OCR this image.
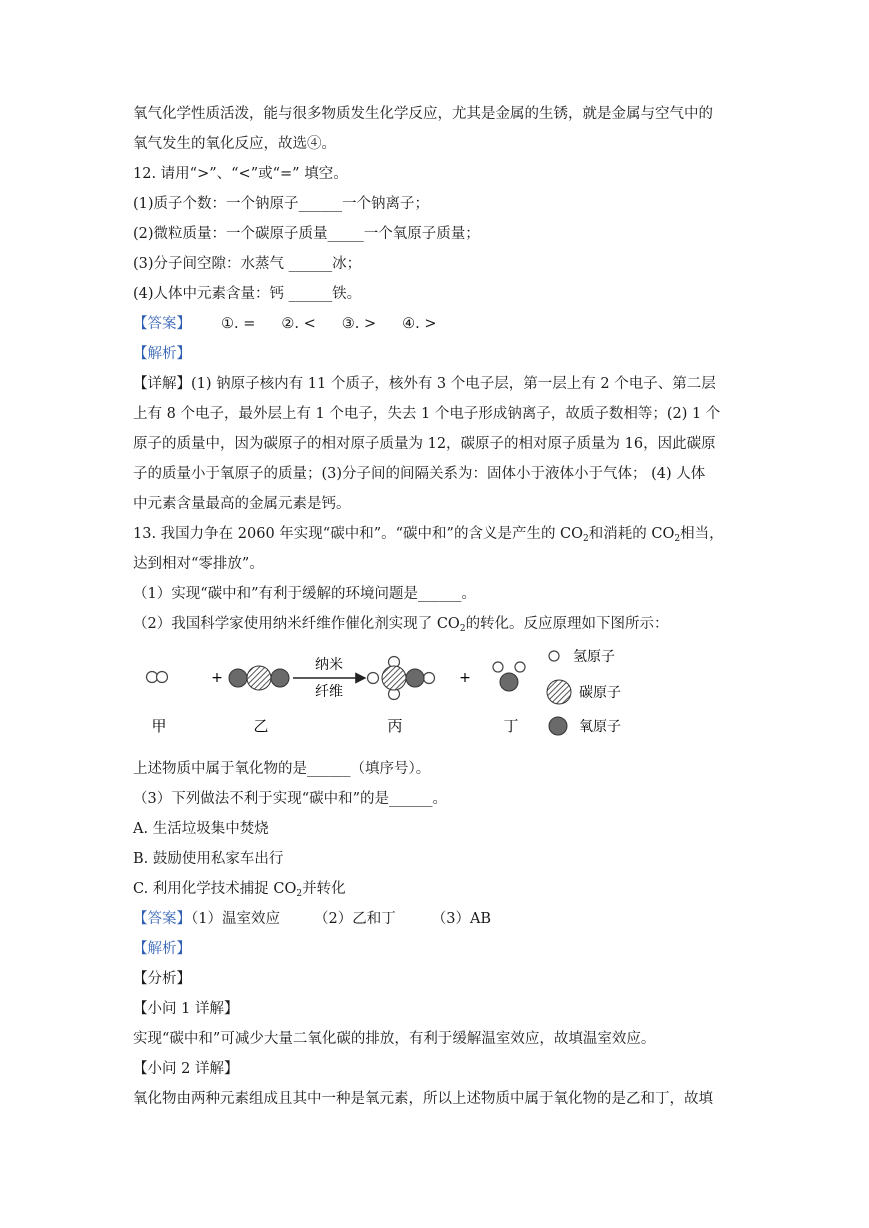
氧气化学性质活泼，能与很多物质发生化学反应，尤其是金属的生锈，就是金属与空气中的
氧气发生的氧化反应，故选④。
12. 请用“>”、“<”或“=” 填空。
(1)质子个数：一个钠原子______一个钠离子；
(2)微粒质量：一个碳原子质量_____一个氧原子质量；
(3)分子间空隙：水蒸气 ______冰；
(4)人体中元素含量：钙 ______铁。
【答案】 ①. = ②. < ③. > ④. >
【解析】
【详解】(1) 钠原子核内有 11 个质子，核外有 3 个电子层，第一层上有 2 个电子、第二层
上有 8 个电子，最外层上有 1 个电子，失去 1 个电子形成钠离子，故质子数相等；(2) 1 个
原子的质量中，因为碳原子的相对原子质量为 12，碳原子的相对原子质量为 16，因此碳原
子的质量小于氧原子的质量；(3)分子间的间隔关系为：固体小于液体小于气体； (4) 人体
中元素含量最高的金属元素是钙。
13. 我国力争在 2060 年实现“碳中和”。“碳中和”的含义是产生的 $CO_2$和消耗的 $CO_2$相当，
达到相对“零排放”。
（1）实现“碳中和”有利于缓解的环境问题是______。
（2）我国科学家使用纳米纤维作催化剂实现了 $CO_2$的转化。反应原理如下图所示：
+
纳米
纤维
+
氢原子
碳原子
氧原子
甲	乙	丙	丁
上述物质中属于氧化物的是______（填序号）。
（3）下列做法不利于实现“碳中和”的是______。
A. 生活垃圾集中焚烧
B. 鼓励使用私家车出行
C. 利用化学技术捕捉 $CO_2$并转化
【答案】（1）温室效应 （2）乙和丁 （3）AB
【解析】
【分析】
【小问 1 详解】
实现“碳中和”可减少大量二氧化碳的排放，有利于缓解温室效应，故填温室效应。
【小问 2 详解】
氧化物由两种元素组成且其中一种是氧元素，所以上述物质中属于氧化物的是乙和丁，故填
